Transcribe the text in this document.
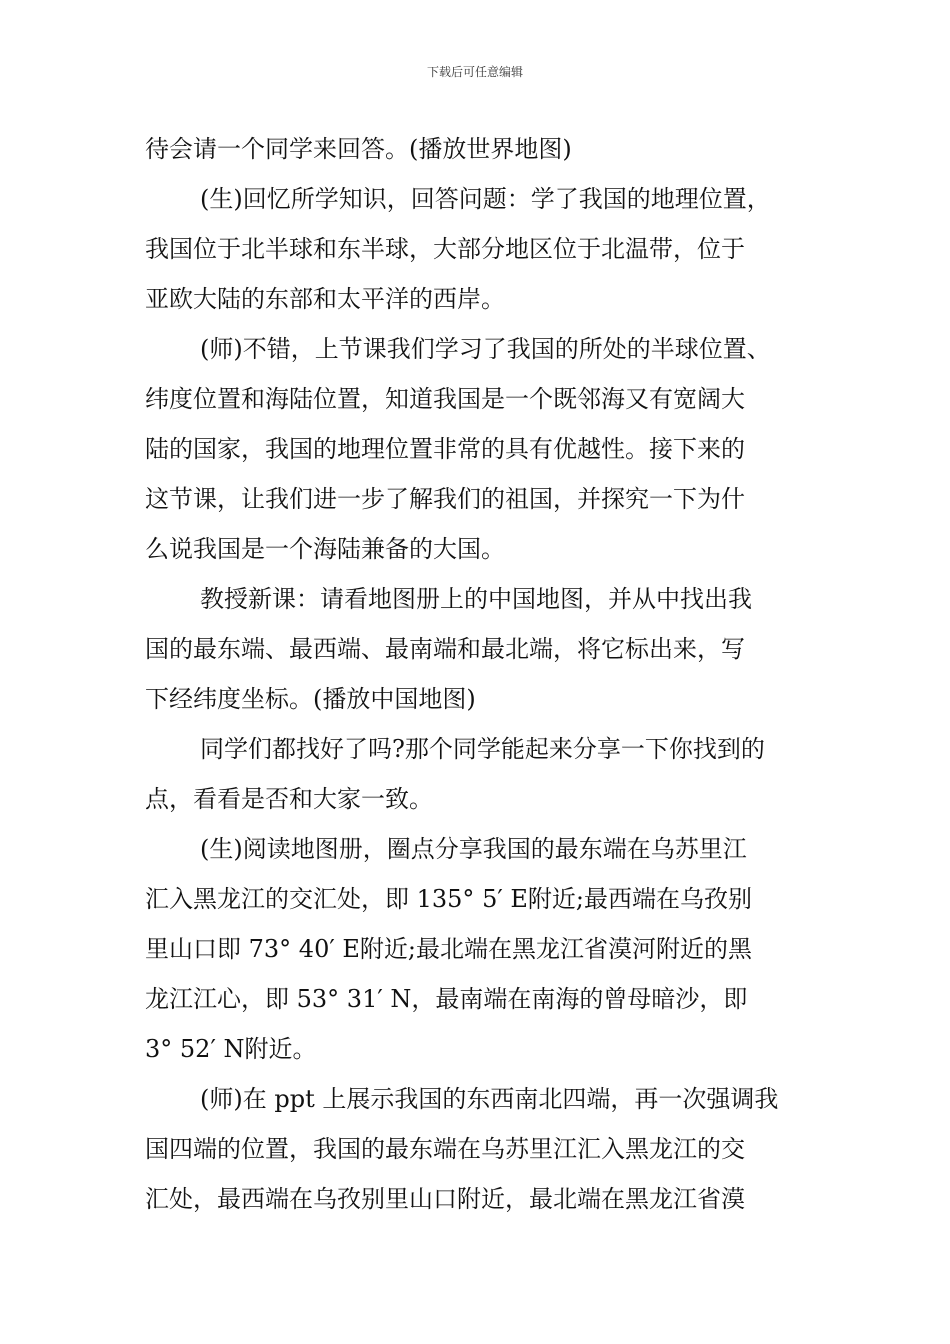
下载后可任意编辑
待会请一个同学来回答。(播放世界地图)
(生)回忆所学知识，回答问题：学了我国的地理位置，
我国位于北半球和东半球，大部分地区位于北温带，位于
亚欧大陆的东部和太平洋的西岸。
(师)不错，上节课我们学习了我国的所处的半球位置、
纬度位置和海陆位置，知道我国是一个既邻海又有宽阔大
陆的国家，我国的地理位置非常的具有优越性。接下来的
这节课，让我们进一步了解我们的祖国，并探究一下为什
么说我国是一个海陆兼备的大国。
教授新课：请看地图册上的中国地图，并从中找出我
国的最东端、最西端、最南端和最北端，将它标出来，写
下经纬度坐标。(播放中国地图)
同学们都找好了吗?那个同学能起来分享一下你找到的
点，看看是否和大家一致。
(生)阅读地图册，圈点分享我国的最东端在乌苏里江
汇入黑龙江的交汇处，即 135° 5′ E附近;最西端在乌孜别
里山口即 73° 40′ E附近;最北端在黑龙江省漠河附近的黑
龙江江心，即 53° 31′ N，最南端在南海的曾母暗沙，即
3° 52′ N附近。
(师)在 ppt 上展示我国的东西南北四端，再一次强调我
国四端的位置，我国的最东端在乌苏里江汇入黑龙江的交
汇处，最西端在乌孜别里山口附近，最北端在黑龙江省漠
